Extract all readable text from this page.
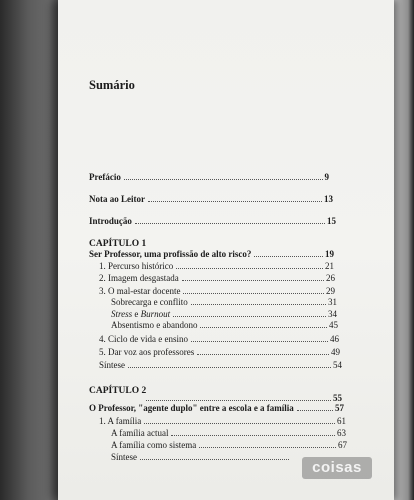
Sumário
Prefácio	9
Nota ao Leitor	13
Introdução	15
CAPÍTULO 1
Ser Professor, uma profissão de alto risco?	19
1. Percurso histórico	21
2. Imagem desgastada	26
3. O mal-estar docente	29
Sobrecarga e conflito	31
Stress e Burnout	34
Absentismo e abandono	45
4. Ciclo de vida e ensino	46
5. Dar voz aos professores	49
Síntese	54
CAPÍTULO 2
55
O Professor, "agente duplo" entre a escola e a família	57
1. A família	61
A família actual	63
A família como sistema	67
Síntese
coisas
